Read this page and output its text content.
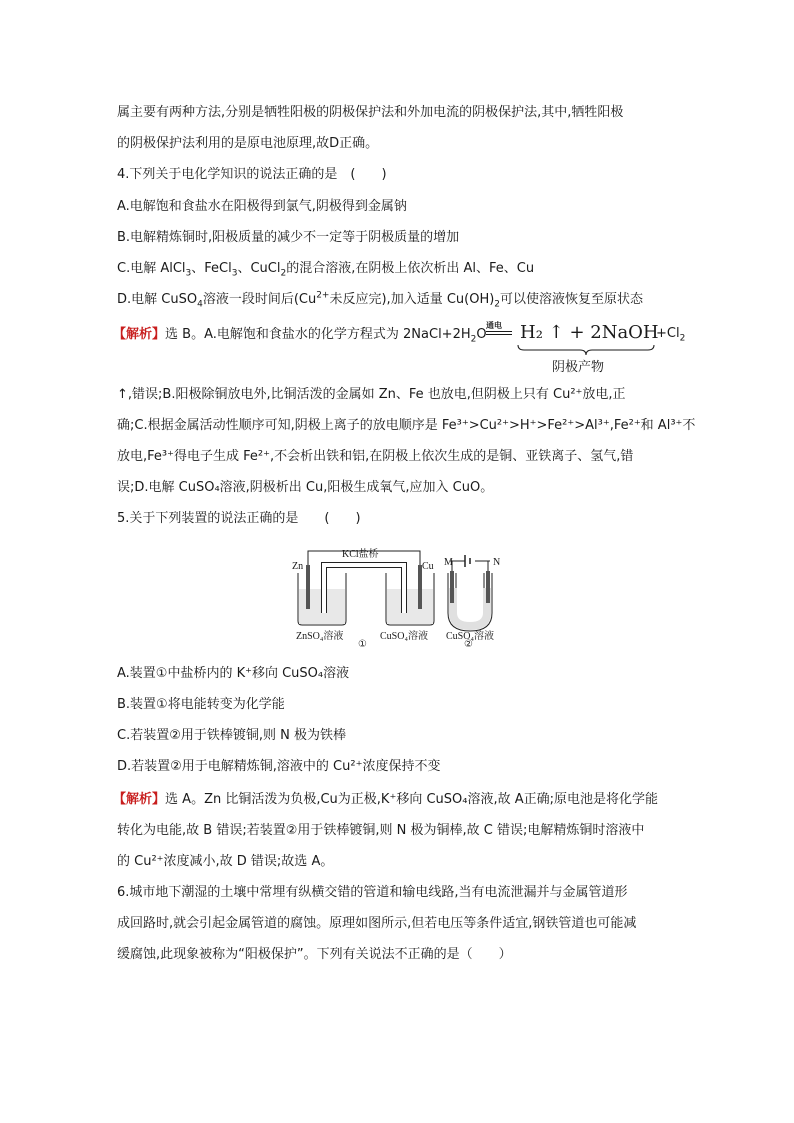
属主要有两种方法,分别是牺牲阳极的阴极保护法和外加电流的阴极保护法,其中,牺牲阳极
的阴极保护法利用的是原电池原理,故D正确。
4.下列关于电化学知识的说法正确的是　(　　)
A.电解饱和食盐水在阳极得到氯气,阴极得到金属钠
B.电解精炼铜时,阳极质量的减少不一定等于阴极质量的增加
C.电解 AlCl$_3$、FeCl$_3$、CuCl$_2$的混合溶液,在阴极上依次析出 Al、Fe、Cu
D.电解 CuSO$_4$溶液一段时间后($Cu^{2+}$未反应完),加入适量 $Cu(OH)_2$可以使溶液恢复至原状态
【解析】选 B。A.电解饱和食盐水的化学方程式为 $2NaCl+2H_2O$
通电 H₂ ↑ + 2NaOH
$+Cl_2$
阴极产物
↑,错误;B.阳极除铜放电外,比铜活泼的金属如 Zn、Fe 也放电,但阴极上只有 Cu²⁺放电,正
确;C.根据金属活动性顺序可知,阴极上离子的放电顺序是 Fe³⁺>Cu²⁺>H⁺>Fe²⁺>Al³⁺,Fe²⁺和 Al³⁺不
放电,Fe³⁺得电子生成 Fe²⁺,不会析出铁和铝,在阴极上依次生成的是铜、亚铁离子、氢气,错
误;D.电解 CuSO₄溶液,阴极析出 Cu,阳极生成氧气,应加入 CuO。
5.关于下列装置的说法正确的是　　(　　)
KCl盐桥
Zn	Cu
ZnSO₄溶液	CuSO₄溶液
①
M	N
CuSO₄溶液
②
A.装置①中盐桥内的 K⁺移向 CuSO₄溶液
B.装置①将电能转变为化学能
C.若装置②用于铁棒镀铜,则 N 极为铁棒
D.若装置②用于电解精炼铜,溶液中的 Cu²⁺浓度保持不变
【解析】选 A。Zn 比铜活泼为负极,Cu为正极,K⁺移向 CuSO₄溶液,故 A正确;原电池是将化学能
转化为电能,故 B 错误;若装置②用于铁棒镀铜,则 N 极为铜棒,故 C 错误;电解精炼铜时溶液中
的 Cu²⁺浓度减小,故 D 错误;故选 A。
6.城市地下潮湿的土壤中常埋有纵横交错的管道和输电线路,当有电流泄漏并与金属管道形
成回路时,就会引起金属管道的腐蚀。原理如图所示,但若电压等条件适宜,钢铁管道也可能减
缓腐蚀,此现象被称为“阳极保护”。下列有关说法不正确的是（　　）
